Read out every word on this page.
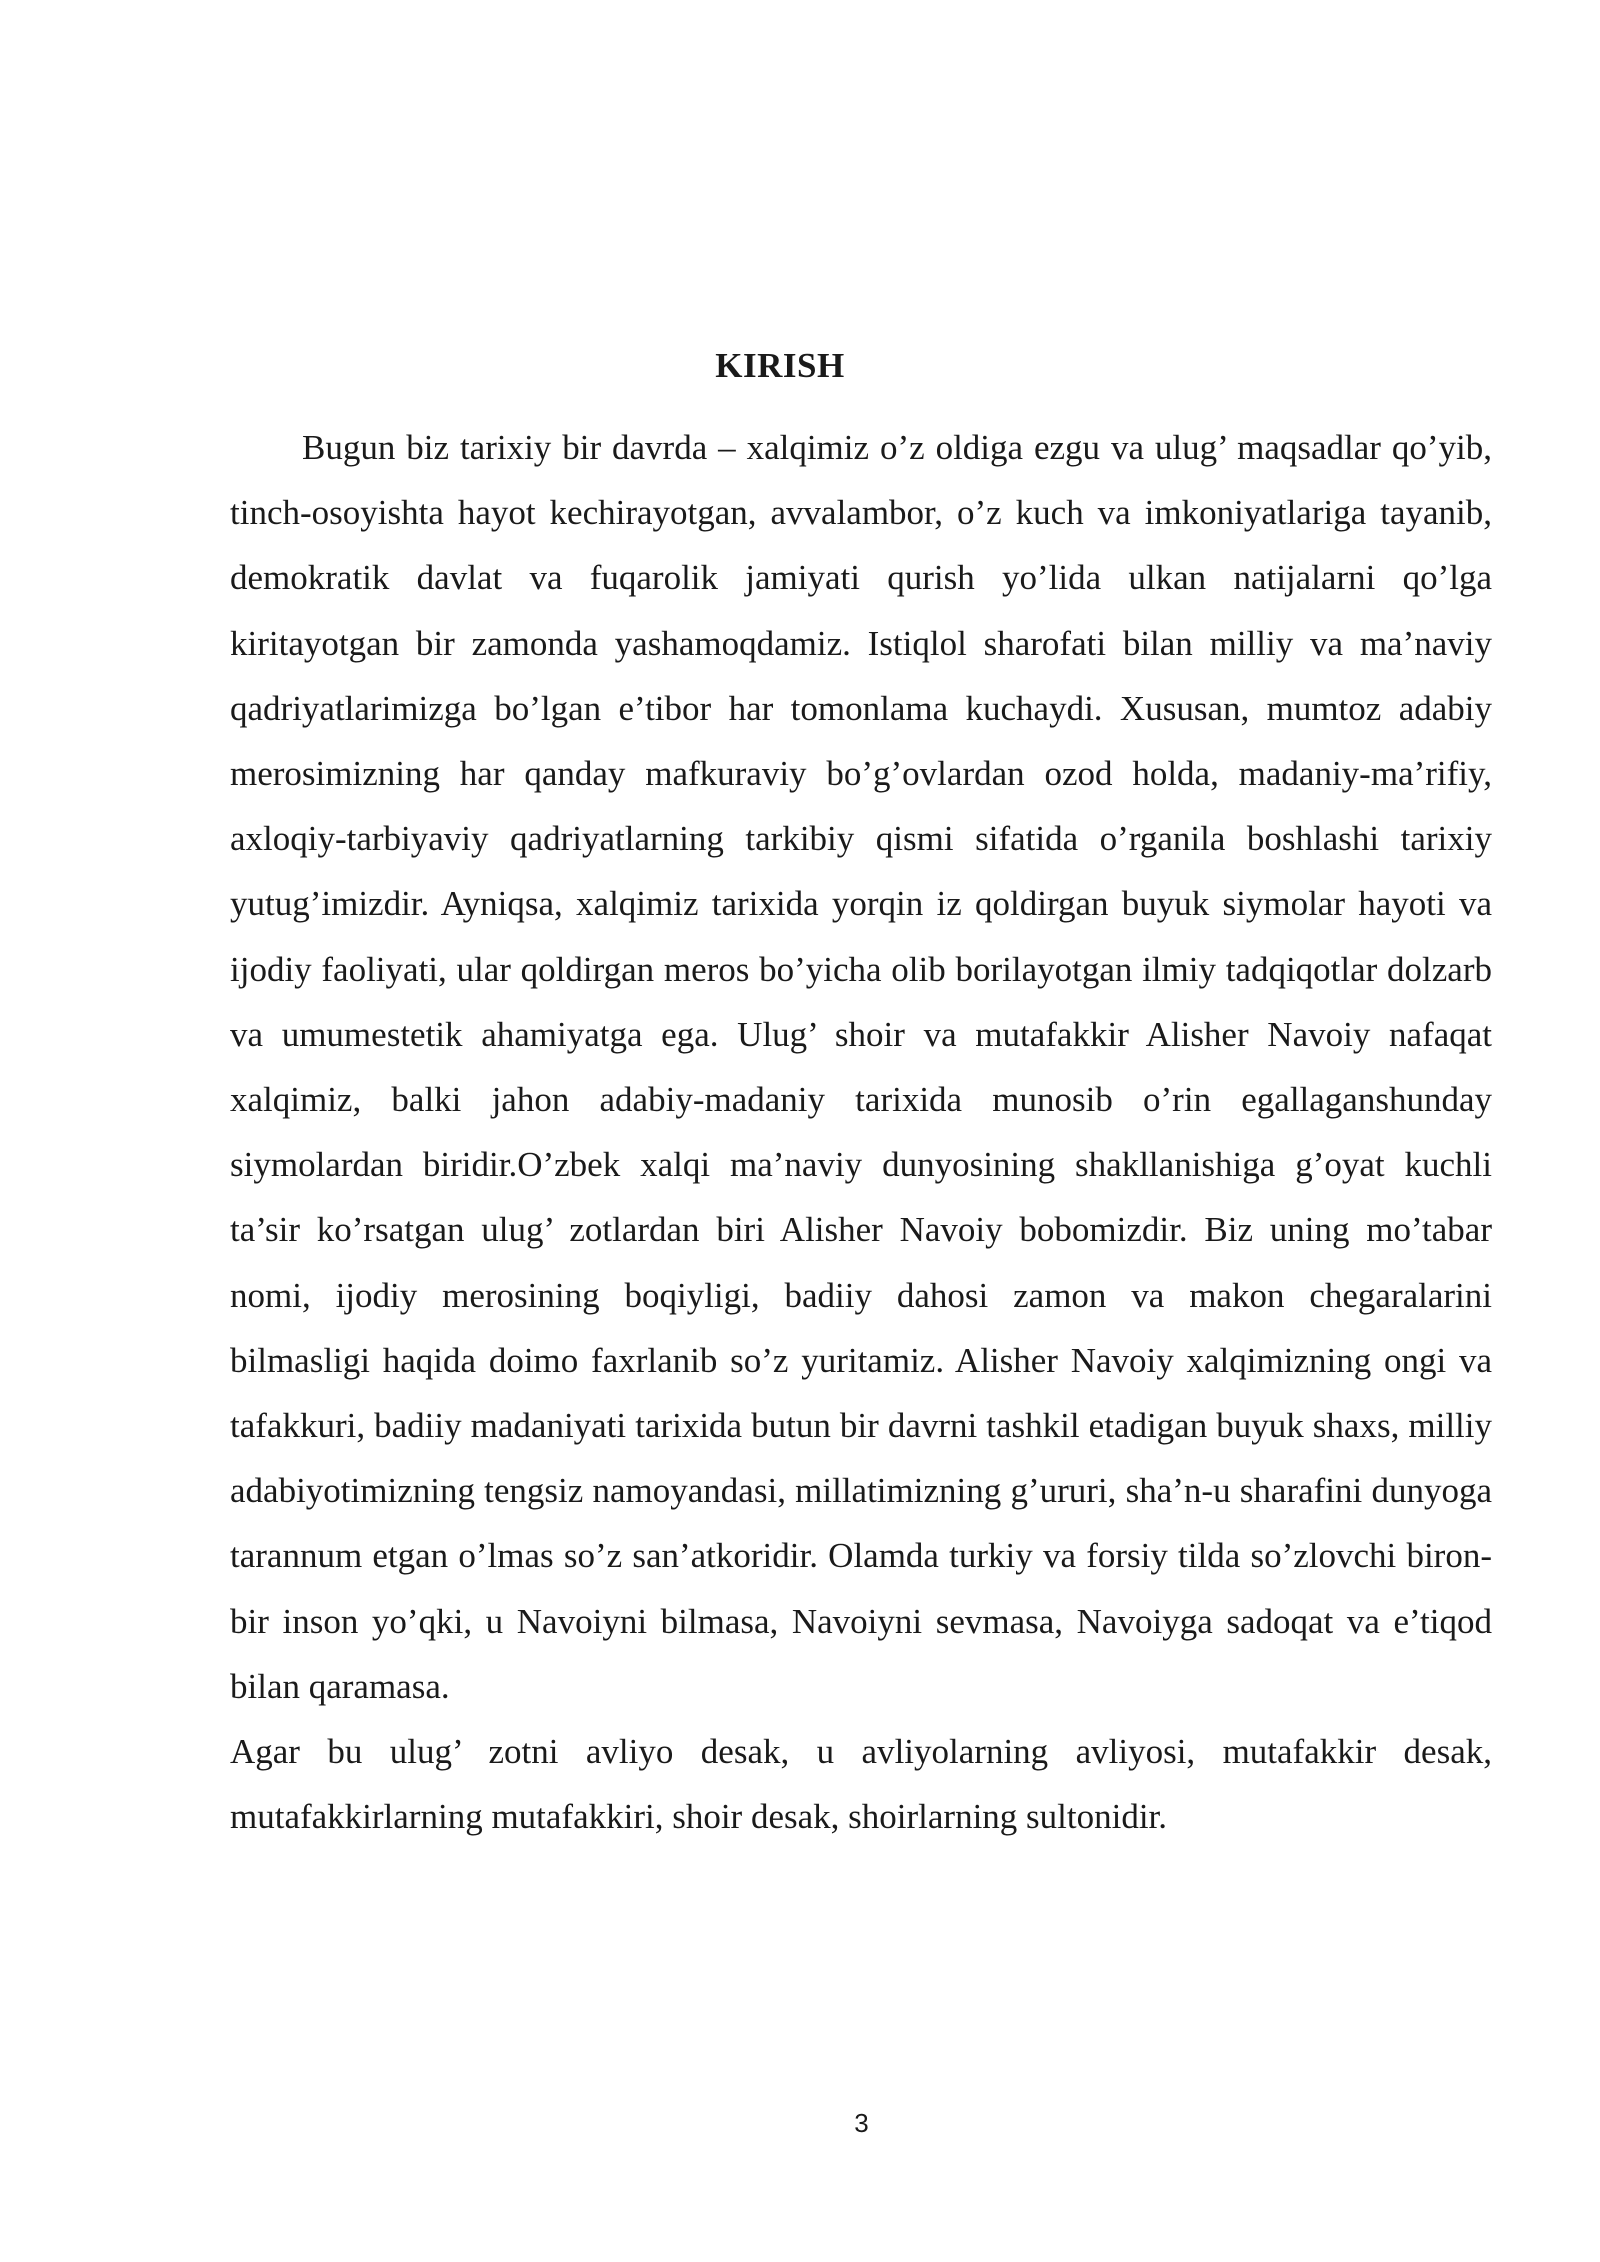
KIRISH

Bugun biz tarixiy bir davrda – xalqimiz o’z oldiga ezgu va ulug’ maqsadlar qo’yib, tinch-osoyishta hayot kechirayotgan, avvalambor, o’z kuch va imkoniyatlariga tayanib, demokratik davlat va fuqarolik jamiyati qurish yo’lida ulkan natijalarni qo’lga kiritayotgan bir zamonda yashamoqdamiz. Istiqlol sharofati bilan milliy va ma’naviy qadriyatlarimizga bo’lgan e’tibor har tomonlama kuchaydi. Xususan, mumtoz adabiy merosimizning har qanday mafkuraviy bo’g’ovlardan ozod holda, madaniy-ma’rifiy, axloqiy-tarbiyaviy qadriyatlarning tarkibiy qismi sifatida o’rganila boshlashi tarixiy yutug’imizdir. Ayniqsa, xalqimiz tarixida yorqin iz qoldirgan buyuk siymolar hayoti va ijodiy faoliyati, ular qoldirgan meros bo’yicha olib borilayotgan ilmiy tadqiqotlar dolzarb va umumestetik ahamiyatga ega. Ulug’ shoir va mutafakkir Alisher Navoiy nafaqat xalqimiz, balki jahon adabiy-madaniy tarixida munosib o’rin egallaganshunday siymolardan biridir.O’zbek xalqi ma’naviy dunyosining shakllanishiga g’oyat kuchli ta’sir ko’rsatgan ulug’ zotlardan biri Alisher Navoiy bobomizdir. Biz uning mo’tabar nomi, ijodiy merosining boqiyligi, badiiy dahosi zamon va makon chegaralarini bilmasligi haqida doimo faxrlanib so’z yuritamiz. Alisher Navoiy xalqimizning ongi va tafakkuri, badiiy madaniyati tarixida butun bir davrni tashkil etadigan buyuk shaxs, milliy adabiyotimizning tengsiz namoyandasi, millatimizning g’ururi, sha’n-u sharafini dunyoga tarannum etgan o’lmas so’z san’atkoridir. Olamda turkiy va forsiy tilda so’zlovchi biron-bir inson yo’qki, u Navoiyni bilmasa, Navoiyni sevmasa, Navoiyga sadoqat va e’tiqod bilan qaramasa.

Agar bu ulug’ zotni avliyo desak, u avliyolarning avliyosi, mutafakkir desak, mutafakkirlarning mutafakkiri, shoir desak, shoirlarning sultonidir.

3
